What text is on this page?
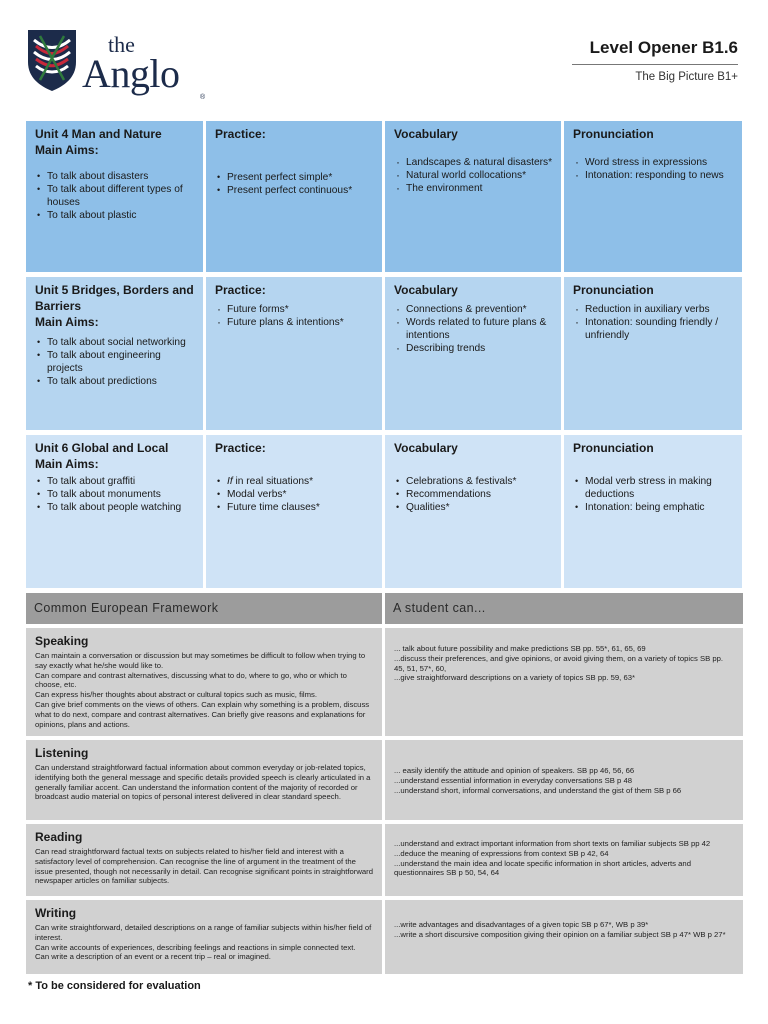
the
Anglo
®
Level Opener B1.6
The Big Picture B1+
Unit 4 Man and Nature
Main Aims:
• To talk about disasters
• To talk about different types of houses
• To talk about plastic
Practice:
• Present perfect simple*
• Present perfect continuous*
Vocabulary
· Landscapes & natural disasters*
· Natural world collocations*
· The environment
Pronunciation
· Word stress in expressions
· Intonation: responding to news
Unit 5 Bridges, Borders and Barriers
Main Aims:
• To talk about social networking
• To talk about engineering projects
• To talk about predictions
Practice:
· Future forms*
· Future plans & intentions*
Vocabulary
· Connections & prevention*
· Words related to future plans & intentions
· Describing trends
Pronunciation
· Reduction in auxiliary verbs
· Intonation: sounding friendly / unfriendly
Unit 6 Global and Local
Main Aims:
• To talk about graffiti
• To talk about monuments
• To talk about people watching
Practice:
• If in real situations*
• Modal verbs*
• Future time clauses*
Vocabulary
• Celebrations & festivals*
• Recommendations
• Qualities*
Pronunciation
• Modal verb stress in making deductions
• Intonation: being emphatic
Common European Framework	A student can...
Speaking

Can maintain a conversation or discussion but may sometimes be difficult to follow when trying to say exactly what he/she would like to.

Can compare and contrast alternatives, discussing what to do, where to go, who or which to choose, etc.

Can express his/her thoughts about abstract or cultural topics such as music, films.

Can give brief comments on the views of others. Can explain why something is a problem, discuss what to do next, compare and contrast alternatives. Can briefly give reasons and explanations for opinions, plans and actions.

... talk about future possibility and make predictions SB pp. 55*, 61, 65, 69

...discuss their preferences, and give opinions, or avoid giving them, on a variety of topics SB pp. 45, 51, 57*, 60,

...give straightforward descriptions on a variety of topics SB pp. 59, 63*

Listening

Can understand straightforward factual information about common everyday or job-related topics, identifying both the general message and specific details provided speech is clearly articulated in a generally familiar accent. Can understand the information content of the majority of recorded or broadcast audio material on topics of personal interest delivered in clear standard speech.

... easily identify the attitude and opinion of speakers. SB pp 46, 56, 66

...understand essential information in everyday conversations SB p 48

...understand short, informal conversations, and understand the gist of them SB p 66

Reading

Can read straightforward factual texts on subjects related to his/her field and interest with a satisfactory level of comprehension. Can recognise the line of argument in the treatment of the issue presented, though not necessarily in detail. Can recognise significant points in straightforward newspaper articles on familiar subjects.

...understand and extract important information from short texts on familiar subjects SB pp 42

...deduce the meaning of expressions from context SB p 42, 64

...understand the main idea and locate specific information in short articles, adverts and questionnaires SB p 50, 54, 64

Writing

Can write straightforward, detailed descriptions on a range of familiar subjects within his/her field of interest.

Can write accounts of experiences, describing feelings and reactions in simple connected text.

Can write a description of an event or a recent trip – real or imagined.

...write advantages and disadvantages of a given topic SB p 67*, WB p 39*

...write a short discursive composition giving their opinion on a familiar subject SB p 47* WB p 27*

* To be considered for evaluation
